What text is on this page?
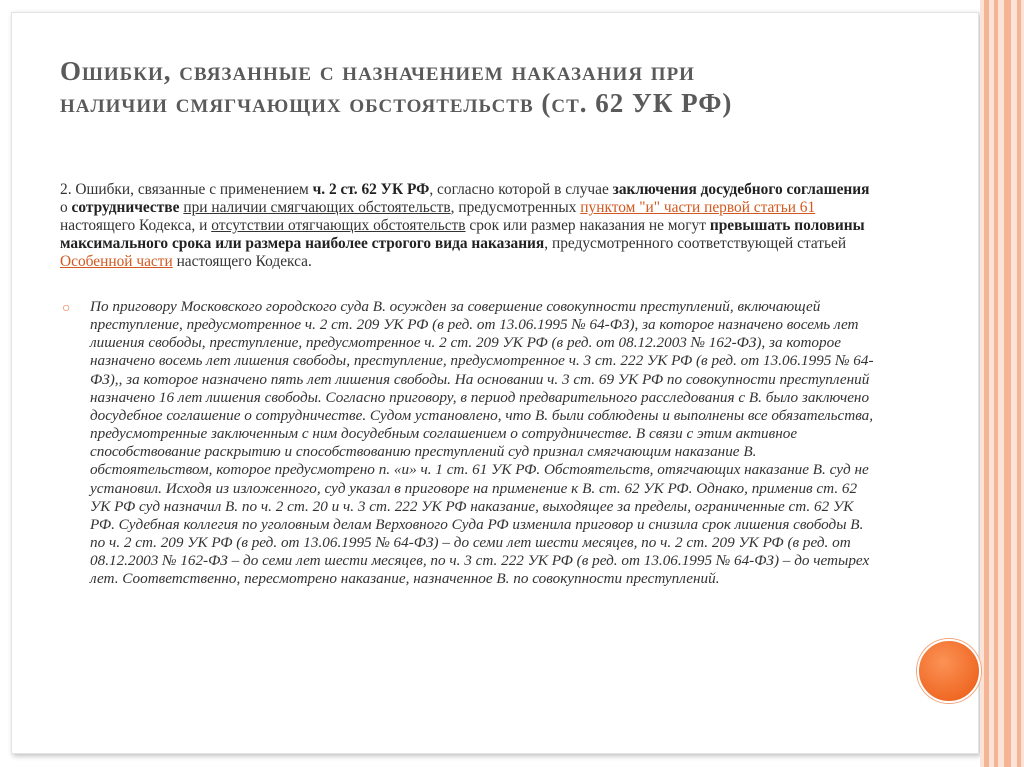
Ошибки, связанные с назначением наказания при
наличии смягчающих обстоятельств (ст. 62 УК РФ)
2. Ошибки, связанные с применением ч. 2 ст. 62 УК РФ, согласно которой в случае заключения досудебного соглашения о сотрудничестве при наличии смягчающих обстоятельств, предусмотренных пунктом "и" части первой статьи 61 настоящего Кодекса, и отсутствии отягчающих обстоятельств срок или размер наказания не могут превышать половины максимального срока или размера наиболее строгого вида наказания, предусмотренного соответствующей статьей Особенной части настоящего Кодекса.
○ По приговору Московского городского суда В. осужден за совершение совокупности преступлений, включающей преступление, предусмотренное ч. 2 ст. 209 УК РФ (в ред. от 13.06.1995 № 64-ФЗ), за которое назначено восемь лет лишения свободы, преступление, предусмотренное ч. 2 ст. 209 УК РФ (в ред. от 08.12.2003 № 162-ФЗ), за которое назначено восемь лет лишения свободы, преступление, предусмотренное ч. 3 ст. 222 УК РФ (в ред. от 13.06.1995 № 64-ФЗ),, за которое назначено пять лет лишения свободы. На основании ч. 3 ст. 69 УК РФ по совокупности преступлений назначено 16 лет лишения свободы. Согласно приговору, в период предварительного расследования с В. было заключено досудебное соглашение о сотрудничестве. Судом установлено, что В. были соблюдены и выполнены все обязательства, предусмотренные заключенным с ним досудебным соглашением о сотрудничестве. В связи с этим активное способствование раскрытию и способствованию преступлений суд признал смягчающим наказание В. обстоятельством, которое предусмотрено п. «и» ч. 1 ст. 61 УК РФ. Обстоятельств, отягчающих наказание В. суд не установил. Исходя из изложенного, суд указал в приговоре на применение к В. ст. 62 УК РФ. Однако, применив ст. 62 УК РФ суд назначил В. по ч. 2 ст. 20 и ч. 3 ст. 222 УК РФ наказание, выходящее за пределы, ограниченные ст. 62 УК РФ. Судебная коллегия по уголовным делам Верховного Суда РФ изменила приговор и снизила срок лишения свободы В. по ч. 2 ст. 209 УК РФ (в ред. от 13.06.1995 № 64-ФЗ) – до семи лет шести месяцев, по ч. 2 ст. 209 УК РФ (в ред. от 08.12.2003 № 162-ФЗ – до семи лет шести месяцев, по ч. 3 ст. 222 УК РФ (в ред. от 13.06.1995 № 64-ФЗ) – до четырех лет. Соответственно, пересмотрено наказание, назначенное В. по совокупности преступлений.
